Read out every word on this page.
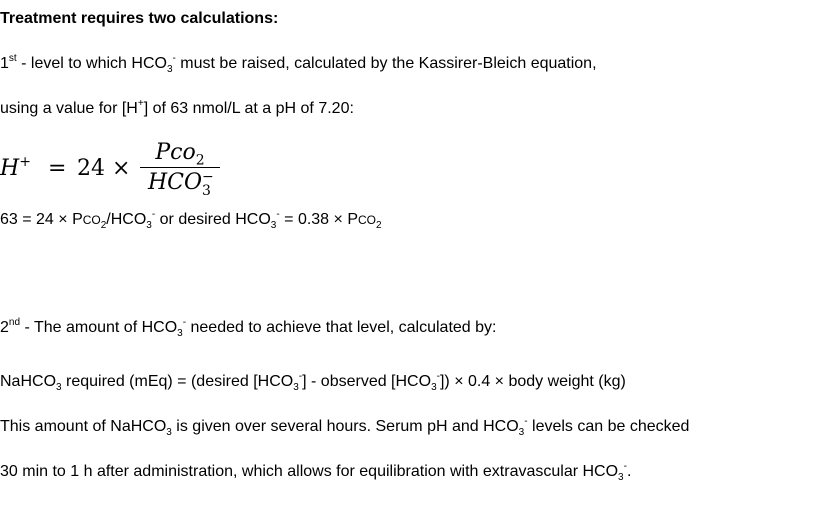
Treatment requires two calculations:
1st - level to which $HCO_3^-$ must be raised, calculated by the Kassirer-Bleich equation,
using a value for [H+] of 63 nmol/L at a pH of 7.20:
H+ = 24 ×
Pco$_2$
HCO −
3
$63 = 24 \times PCO_2/HCO_3^-$ or desired $HCO_3^- = 0.38 \times PCO_2$
2nd - The amount of $HCO_3^-$ needed to achieve that level, calculated by:
NaHCO$_3$ required (mEq) = (desired $[HCO_3^-]$ - observed $[HCO_3^-]) \times 0.4$ × body weight (kg)
This amount of NaHCO$_3$ is given over several hours. Serum pH and $HCO_3^-$ levels can be checked
30 min to 1 h after administration, which allows for equilibration with extravascular $HCO_3^-$.
